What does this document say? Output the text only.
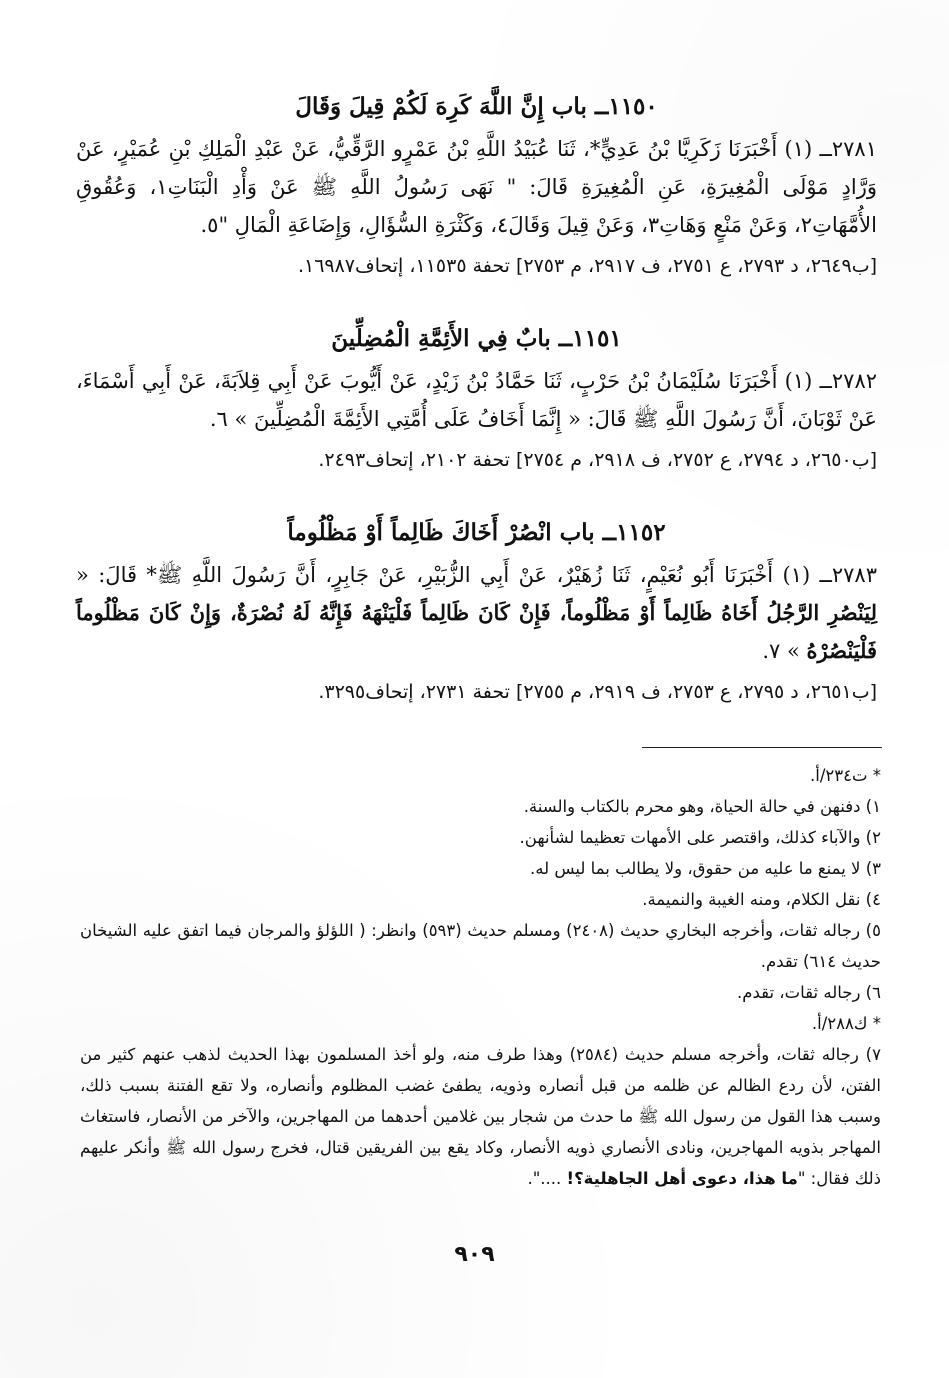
١١٥٠ــ باب إِنَّ اللَّهَ كَرِهَ لَكُمْ قِيلَ وَقَالَ

٢٧٨١ــ (١) أَخْبَرَنَا زَكَرِيَّا بْنُ عَدِيٍّ*، ثَنَا عُبَيْدُ اللَّهِ بْنُ عَمْرٍو الرَّقِّيُّ، عَنْ عَبْدِ الْمَلِكِ بْنِ عُمَيْرٍ، عَنْ وَرَّادٍ مَوْلَى الْمُغِيرَةِ، عَنِ الْمُغِيرَةِ قَالَ: " نَهَى رَسُولُ اللَّهِ ﷺ عَنْ وَأْدِ الْبَنَاتِ١، وَعُقُوقِ الأُمَّهَاتِ٢، وَعَنْ مَنْعٍ وَهَاتِ٣، وَعَنْ قِيلَ وَقَالَ٤، وَكَثْرَةِ السُّؤَالِ، وَإِضَاعَةِ الْمَالِ "٥.

[ب٢٦٤٩، د ٢٧٩٣، ع ٢٧٥١، ف ٢٩١٧، م ٢٧٥٣] تحفة ١١٥٣٥، إتحاف١٦٩٨٧.

١١٥١ــ بابٌ فِي الأَئِمَّةِ الْمُضِلِّينَ

٢٧٨٢ــ (١) أَخْبَرَنَا سُلَيْمَانُ بْنُ حَرْبٍ، ثَنَا حَمَّادُ بْنُ زَيْدٍ، عَنْ أَيُّوبَ عَنْ أَبِي قِلاَبَةَ، عَنْ أَبِي أَسْمَاءَ، عَنْ ثَوْبَانَ، أَنَّ رَسُولَ اللَّهِ ﷺ قَالَ: « إِنَّمَا أَخَافُ عَلَى أُمَّتِي الأَئِمَّةَ الْمُضِلِّينَ » ٦.

[ب٢٦٥٠، د ٢٧٩٤، ع ٢٧٥٢، ف ٢٩١٨، م ٢٧٥٤] تحفة ٢١٠٢، إتحاف٢٤٩٣.

١١٥٢ــ باب انْصُرْ أَخَاكَ ظَالِماً أَوْ مَظْلُوماً

٢٧٨٣ــ (١) أَخْبَرَنَا أَبُو نُعَيْمٍ، ثَنَا زُهَيْرٌ، عَنْ أَبِي الزُّبَيْرِ، عَنْ جَابِرٍ، أَنَّ رَسُولَ اللَّهِ ﷺ* قَالَ: « لِيَنْصُرِ الرَّجُلُ أَخَاهُ ظَالِماً أَوْ مَظْلُوماً، فَإِنْ كَانَ ظَالِماً فَلْيَنْهَهُ فَإِنَّهُ لَهُ نُصْرَةٌ، وَإِنْ كَانَ مَظْلُوماً فَلْيَنْصُرْهُ » ٧.

[ب٢٦٥١، د ٢٧٩٥، ع ٢٧٥٣، ف ٢٩١٩، م ٢٧٥٥] تحفة ٢٧٣١، إتحاف٣٢٩٥.

* ت٢٣٤/أ.

١) دفنهن في حالة الحياة، وهو محرم بالكتاب والسنة.

٢) والآباء كذلك، واقتصر على الأمهات تعظيما لشأنهن.

٣) لا يمنع ما عليه من حقوق، ولا يطالب بما ليس له.

٤) نقل الكلام، ومنه الغيبة والنميمة.

٥) رجاله ثقات، وأخرجه البخاري حديث (٢٤٠٨) ومسلم حديث (٥٩٣) وانظر: ( اللؤلؤ والمرجان فيما اتفق عليه الشيخان حديث ٦١٤) تقدم.

٦) رجاله ثقات، تقدم.

* ك٢٨٨/أ.

٧) رجاله ثقات، وأخرجه مسلم حديث (٢٥٨٤) وهذا طرف منه، ولو أخذ المسلمون بهذا الحديث لذهب عنهم كثير من الفتن، لأن ردع الظالم عن ظلمه من قبل أنصاره وذويه، يطفئ غضب المظلوم وأنصاره، ولا تقع الفتنة بسبب ذلك، وسبب هذا القول من رسول الله ﷺ ما حدث من شجار بين غلامين أحدهما من المهاجرين، والآخر من الأنصار، فاستغاث المهاجر بذويه المهاجرين، ونادى الأنصاري ذويه الأنصار، وكاد يقع بين الفريقين قتال، فخرج رسول الله ﷺ وأنكر عليهم ذلك فقال: "ما هذا، دعوى أهل الجاهلية؟! ....".

٩٠٩
